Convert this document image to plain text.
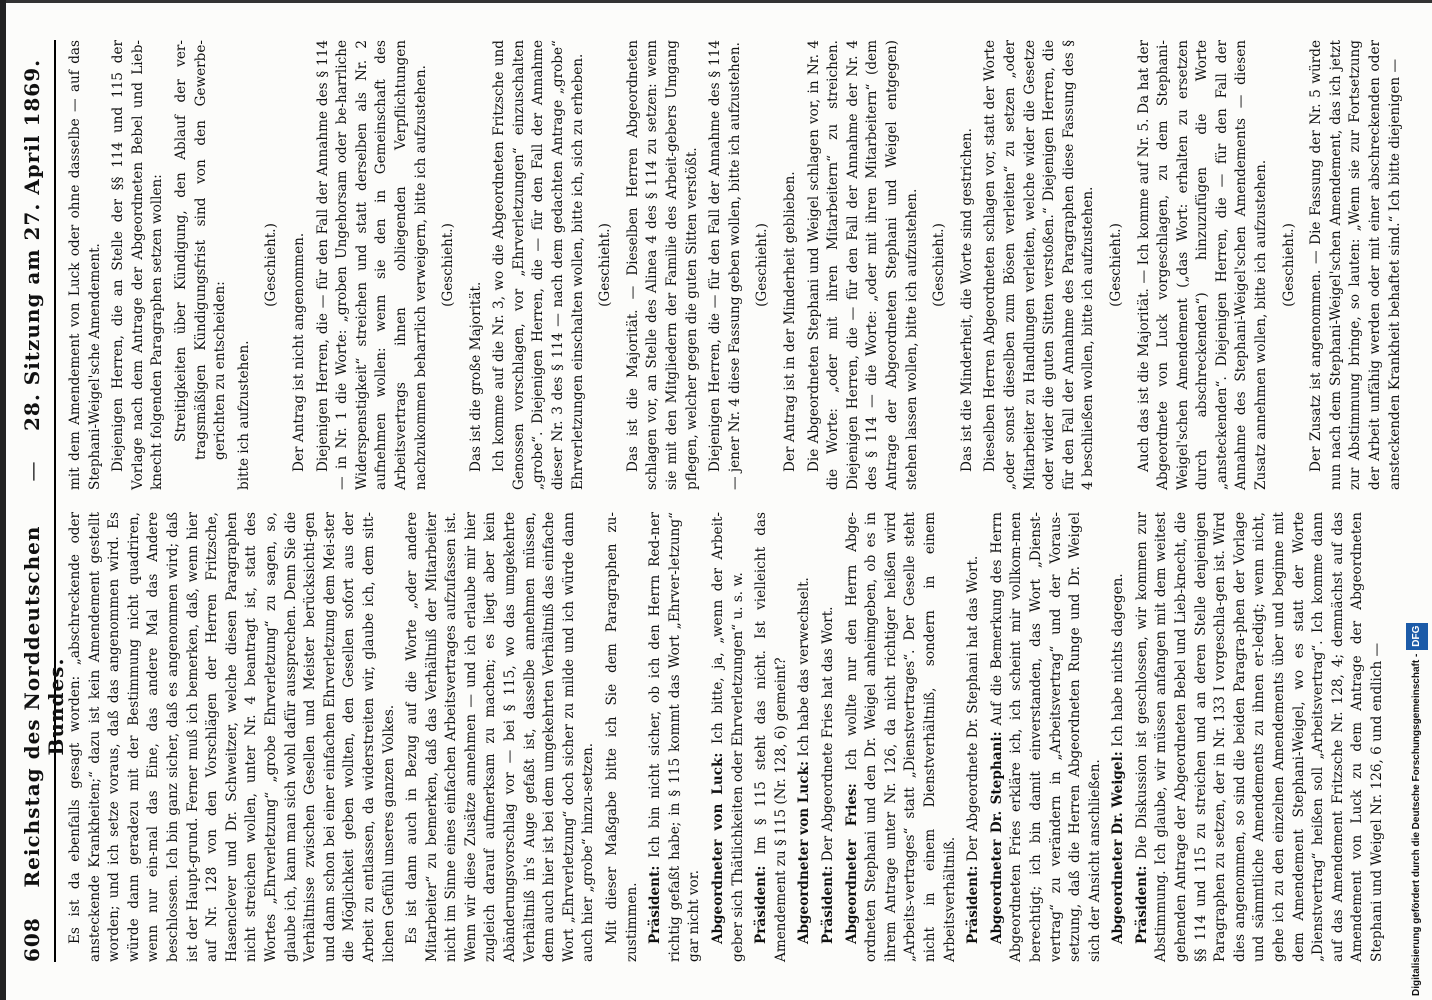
608
Reichstag des Norddeutschen Bundes.
—
28. Sitzung am 27. April 1869.

Es ist da ebenfalls gesagt worden: „abschreckende oder ansteckende Krankheiten;“ dazu ist kein Amendement gestellt worden; und ich setze voraus, daß das angenommen wird. Es würde dann geradezu mit der Bestimmung nicht quadriren, wenn nur ein-mal das Eine, das andere Mal das Andere beschlossen. Ich bin ganz sicher, daß es angenommen wird; daß ist der Haupt-grund. Ferner muß ich bemerken, daß, wenn hier auf Nr. 128 von den Vorschlägen der Herren Fritzsche, Hasenclever und Dr. Schweitzer, welche diesen Paragraphen nicht streichen wollen, unter Nr. 4 beantragt ist, statt des Wortes „Ehrverletzung“ „grobe Ehrverletzung“ zu sagen, so, glaube ich, kann man sich wohl dafür aussprechen. Denn Sie die Verhältnisse zwischen Gesellen und Meister berücksichti-gen und dann schon bei einer einfachen Ehrverletzung dem Mei-ster die Möglichkeit geben wollten, den Gesellen sofort aus der Arbeit zu entlassen, da widerstreiten wir, glaube ich, dem sitt-lichen Gefühl unseres ganzen Volkes. Es ist dann auch in Bezug auf die Worte „oder andere Mitarbeiter“ zu bemerken, daß das Verhältniß der Mitarbeiter nicht im Sinne eines einfachen Arbeitsvertrages aufzufassen ist. Wenn wir diese Zusätze annehmen — und ich erlaube mir hier zugleich darauf aufmerksam zu machen; es liegt aber kein Abänderungsvorschlag vor — bei § 115, wo das umgekehrte Verhältniß in's Auge gefaßt ist, dasselbe annehmen müssen, denn auch hier ist bei dem umgekehrten Verhältniß das einfache Wort „Ehrverletzung“ doch sicher zu milde und ich würde dann auch hier „grobe“ hinzu-setzen. Mit dieser Maßgabe bitte ich Sie dem Paragraphen zu-zustimmen. Präsident: Ich bin nicht sicher, ob ich den Herrn Red-ner richtig gefaßt habe; in § 115 kommt das Wort „Ehrver-letzung“ gar nicht vor. Abgeordneter von Luck: Ich bitte, ja, „wenn der Arbeit-geber sich Thätlichkeiten oder Ehrverletzungen“ u. s. w. Präsident: Im § 115 steht das nicht. Ist vielleicht das Amendement zu § 115 (Nr. 128, 6) gemeint? Abgeordneter von Luck: Ich habe das verwechselt.

Präsident: Der Abgeordnete Fries hat das Wort. Abgeordneter Fries: Ich wollte nur den Herrn Abge-ordneten Stephani und den Dr. Weigel anheimgeben, ob es in ihrem Antrage unter Nr. 126, da nicht richtiger heißen wird „Arbeits-vertrages“ statt „Dienstvertrages“. Der Geselle steht nicht in einem Dienstverhältniß, sondern in einem Arbeitsverhältniß. Präsident: Der Abgeordnete Dr. Stephani hat das Wort. Abgeordneter Dr. Stephani: Auf die Bemerkung des Herrn Abgeordneten Fries erkläre ich, ich scheint mir vollkom-men berechtigt; ich bin damit einverstanden, das Wort „Dienst-vertrag“ zu verändern in „Arbeitsvertrag“ und der Voraus-setzung, daß die Herren Abgeordneten Runge und Dr. Weigel sich der Ansicht anschließen. Abgeordneter Dr. Weigel: Ich habe nichts dagegen.

Präsident: Die Diskussion ist geschlossen, wir kommen zur Abstimmung. Ich glaube, wir müssen anfangen mit dem weitest gehenden Antrage der Abgeordneten Bebel und Lieb-knecht, die §§ 114 und 115 zu streichen und an deren Stelle denjenigen Paragraphen zu setzen, der in Nr. 133 I vorgeschla-gen ist. Wird dies angenommen, so sind die beiden Paragra-phen der Vorlage und sämmtliche Amendements zu ihnen er-ledigt; wenn nicht, gehe ich zu den einzelnen Amendements über und beginne mit dem Amendement Stephani-Weigel, wo es statt der Worte „Dienstvertrag“ heißen soll „Arbeitsvertrag“. Ich komme dann auf das Amendement Fritzsche Nr. 128, 4; demnächst auf das Amendement von Luck zu dem Antrage der Abgeordneten Stephani und Weigel Nr. 126, 6 und endlich —

mit dem Amendement von Luck oder ohne dasselbe — auf das Stephani-Weigel'sche Amendement. Diejenigen Herren, die an Stelle der §§ 114 und 115 der Vorlage nach dem Antrage der Abgeordneten Bebel und Lieb-knecht folgenden Paragraphen setzen wollen: Streitigkeiten über Kündigung, den Ablauf der ver-tragsmäßigen Kündigungsfrist sind von den Gewerbe-gerichten zu entscheiden: bitte ich aufzustehen.

(Geschieht.) Der Antrag ist nicht angenommen. Diejenigen Herren, die — für den Fall der Annahme des § 114 — in Nr. 1 die Worte: „groben Ungehorsam oder be-harrliche Widerspenstigkeit“ streichen und statt derselben als Nr. 2 aufnehmen wollen: wenn sie den in Gemeinschaft des Arbeitsvertrags ihnen obliegenden Verpflichtungen nachzukommen beharrlich verweigern, bitte ich aufzustehen. (Geschieht.)

Das ist die große Majorität. Ich komme auf die Nr. 3, wo die Abgeordneten Fritzsche und Genossen vorschlagen, vor „Ehrverletzungen“ einzuschalten „grobe“. Diejenigen Herren, die — für den Fall der Annahme dieser Nr. 3 des § 114 — nach dem gedachten Antrage „grobe“ Ehrverletzungen einschalten wollen, bitte ich, sich zu erheben. (Geschieht.) Das ist die Majorität. — Dieselben Herren Abgeordneten schlagen vor, an Stelle des Alinea 4 des § 114 zu setzen: wenn sie mit den Mitgliedern der Familie des Arbeit-gebers Umgang pflegen, welcher gegen die guten Sitten verstößt. Diejenigen Herren, die — für den Fall der Annahme des § 114 — jener Nr. 4 diese Fassung geben wollen, bitte ich aufzustehen. (Geschieht.) Der Antrag ist in der Minderheit geblieben. Die Abgeordneten Stephani und Weigel schlagen vor, in Nr. 4 die Worte: „oder mit ihren Mitarbeitern“ zu streichen. Diejenigen Herren, die — für den Fall der Annahme der Nr. 4 des § 114 — die Worte: „oder mit ihren Mitarbeitern“ (dem Antrage der Abgeordneten Stephani und Weigel entgegen) stehen lassen wollen, bitte ich aufzustehen. (Geschieht.) Das ist die Minderheit, die Worte sind gestrichen. Dieselben Herren Abgeordneten schlagen vor, statt der Worte „oder sonst dieselben zum Bösen verleiten“ zu setzen „oder Mitarbeiter zu Handlungen verleiten, welche wider die Gesetze oder wider die guten Sitten verstoßen.“ Diejenigen Herren, die für den Fall der Annahme des Paragraphen diese Fassung des § 4 beschließen wollen, bitte ich aufzustehen. (Geschieht.) Auch das ist die Majorität. — Ich komme auf Nr. 5. Da hat der Abgeordnete von Luck vorgeschlagen, zu dem Stephani-Weigel'schen Amendement („das Wort: erhalten zu ersetzen durch abschreckenden“) hinzuzufügen die Worte „ansteckenden“. Diejenigen Herren, die — für den Fall der Annahme des Stephani-Weigel'schen Amendements — diesen Zusatz annehmen wollen, bitte ich aufzustehen. (Geschieht.) Der Zusatz ist angenommen. — Die Fassung der Nr. 5 würde nun nach dem Stephani-Weigel'schen Amendement, das ich jetzt zur Abstimmung bringe, so lauten: „Wenn sie zur Fortsetzung der Arbeit unfähig werden oder mit einer abschreckenden oder ansteckenden Krankheit behaftet sind.“ Ich bitte diejenigen —

Digitalisierung gefördert durch die Deutsche Forschungsgemeinschaft -DFG
